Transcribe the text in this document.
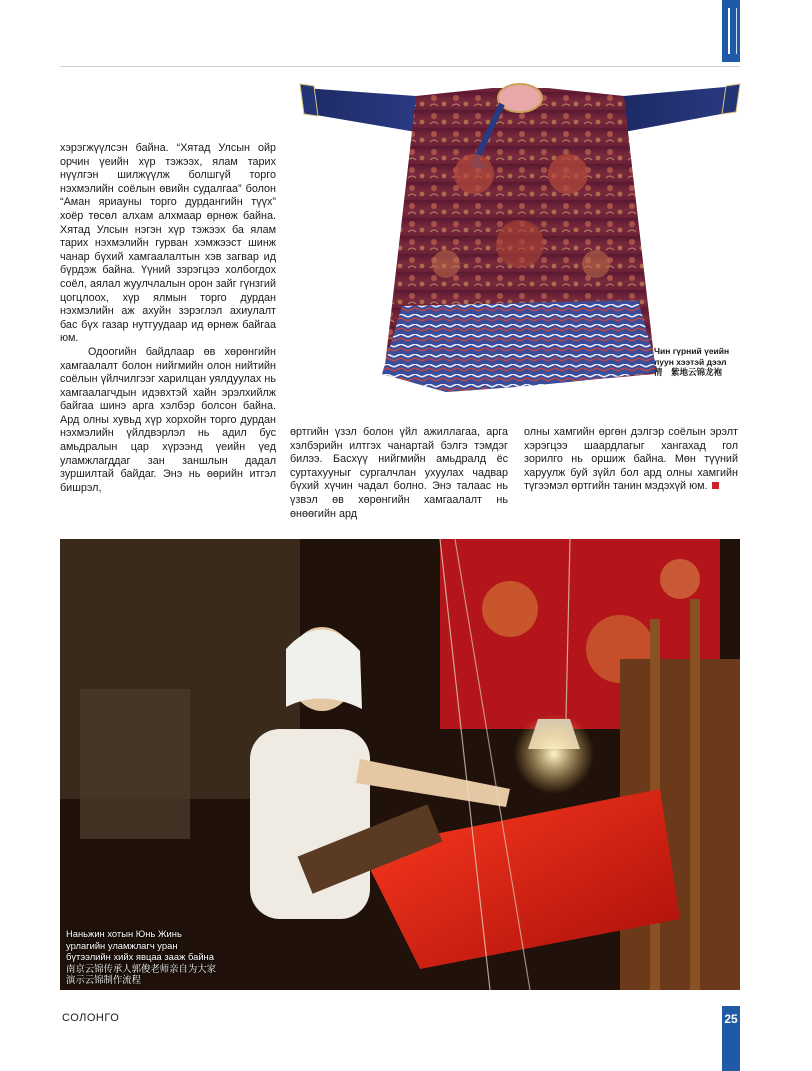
Чин гүрний үеийн
луун хээтэй дээл
清　紫地云锦龙袍

хэрэгжүүлсэн байна. “Хятад Улсын ойр орчин үеийн хүр тэжээх, ялам тарих нүүлгэн шилжүүлж болшгүй торго нэхмэлийн соёлын өвийн судалгаа” болон “Аман яриаyны торго дурдангийн түүх” хоёр төсөл алхам алхмаар өрнөж байна. Хятад Улсын нэгэн хүр тэжээх ба ялам тарих нэхмэлийн гурван хэмжээст шинж чанар бүхий хамгаалалтын хэв загвар ид бүрдэж байна. Үүний зэрэгцээ холбогдох соёл, аялал жуулчлалын орон зайг гүнзгий цогцлоох, хүр ялмын торго дурдан нэхмэлийн аж ахуйн зэрэглэл ахиулалт бас бүх газар нутгуудаар ид өрнөж байгаа юм.

Одоогийн байдлаар өв хөрөнгийн хамгаалалт болон нийгмийн олон нийтийн соёлын үйлчилгээг харилцан уялдуулах нь хамгаалагчдын идэвхтэй хайн эрэлхийлж байгаа шинэ арга хэлбэр болсон байна. Ард олны хувьд хүр хорхойн торго дурдан нэхмэлийн үйлдвэрлэл нь адил бус амьдралын цар хүрээнд үеийн үед уламжлагддаг зан заншлын дадал зуршилтай байдаг. Энэ нь өөрийн итгэл бишрэл,

өртгийн үзэл болон үйл ажиллагаа, арга хэлбэрийн илтгэх чанартай бэлгэ тэмдэг билээ. Басхүү нийгмийн амьдралд ёс суртахууныг сургалчлан ухуулах чадвар бүхий хүчин чадал болно. Энэ талаас нь үзвэл өв хөрөнгийн хамгаалалт нь өнөөгийн ард

олны хамгийн өргөн дэлгэр соёлын эрэлт хэрэгцээ шаардлагыг хангахад гол зорилго нь оршиж байна. Мөн түүний харуулж буй зүйл бол ард олны хамгийн түгээмэл өртгийн танин мэдэхүй юм.

Наньжин хотын Юнь Жинь
урлагийн уламжлагч урaн
бүтээлийн хийх явцаа зааж байна
南京云锦传承人郭俊老师亲自为大家
演示云锦制作流程
СОЛОНГО	25
